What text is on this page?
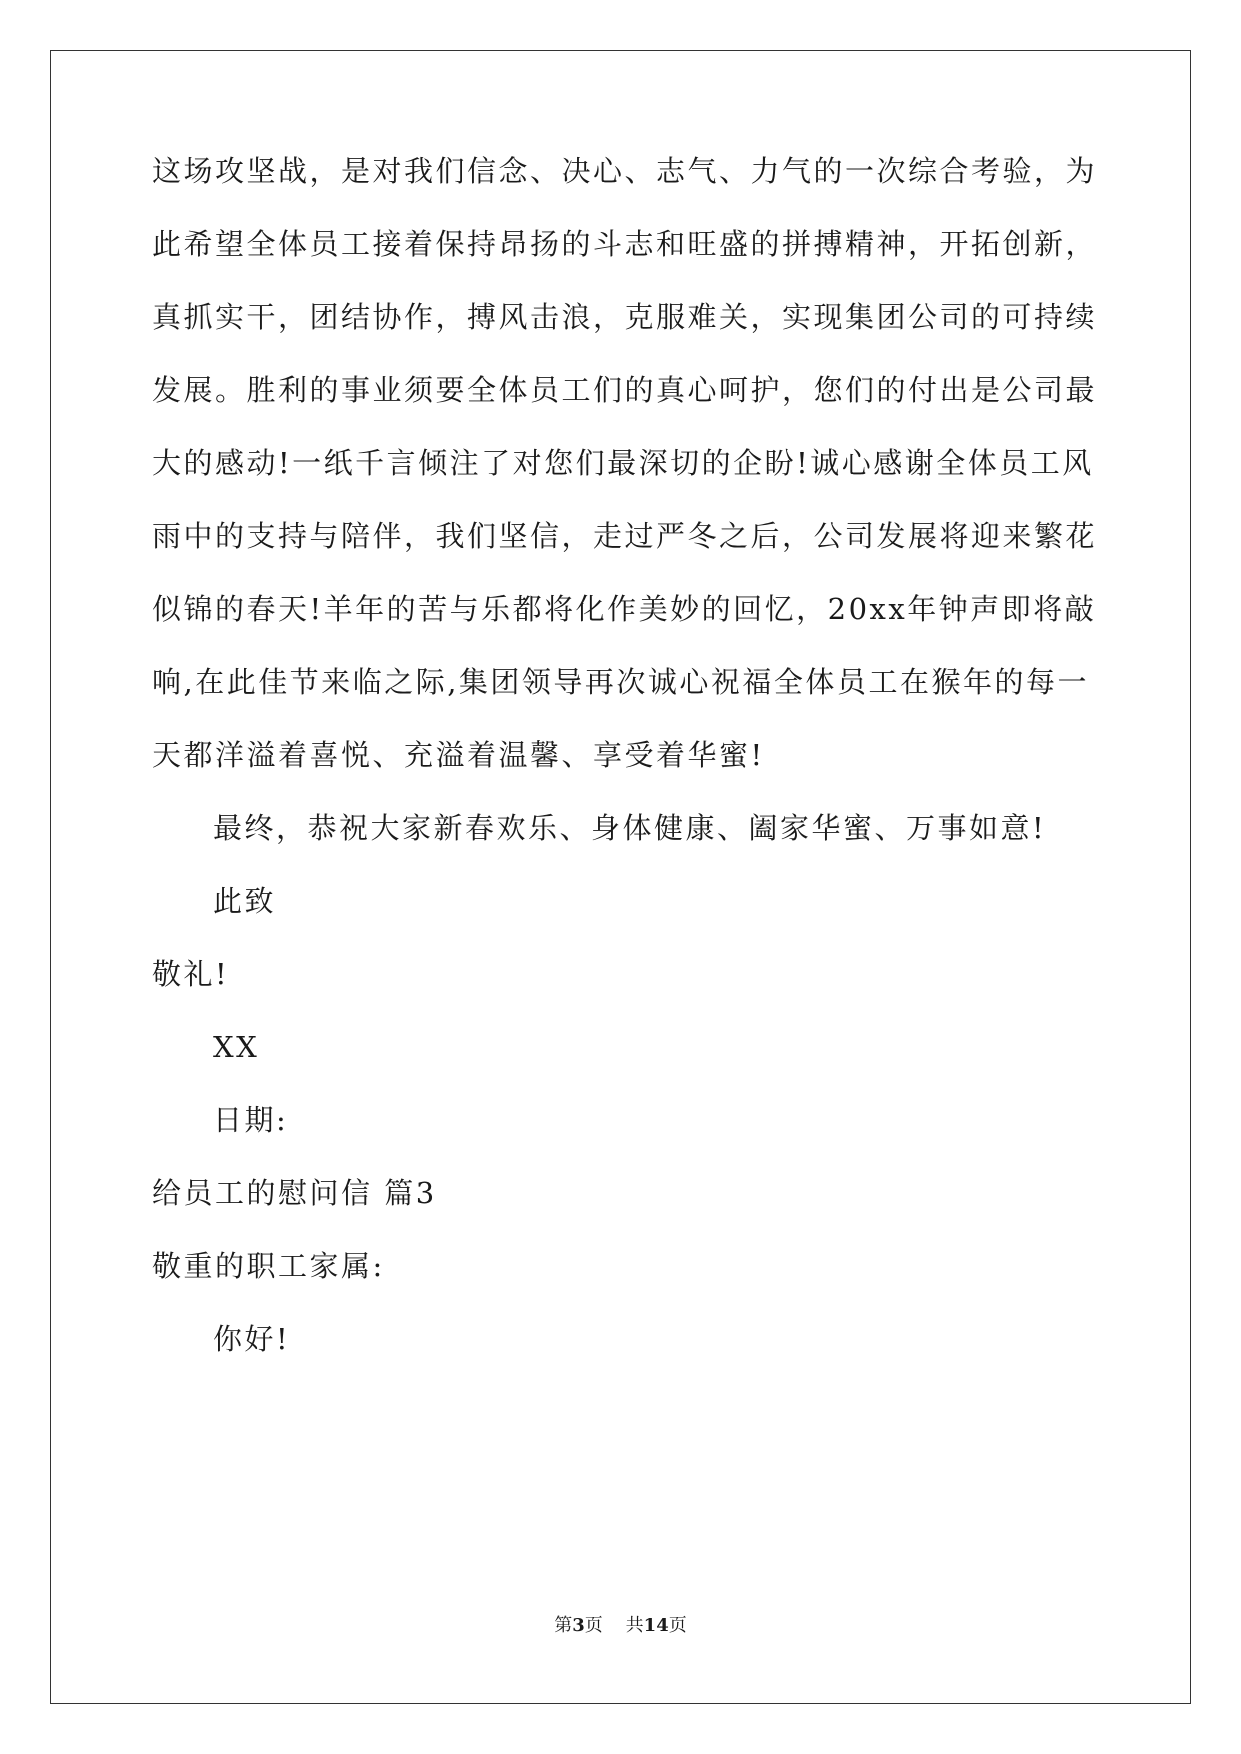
这场攻坚战，是对我们信念、决心、志气、力气的一次综合考验，为
此希望全体员工接着保持昂扬的斗志和旺盛的拼搏精神，开拓创新，
真抓实干，团结协作，搏风击浪，克服难关，实现集团公司的可持续
发展。胜利的事业须要全体员工们的真心呵护，您们的付出是公司最
大的感动!一纸千言倾注了对您们最深切的企盼!诚心感谢全体员工风
雨中的支持与陪伴，我们坚信，走过严冬之后，公司发展将迎来繁花
似锦的春天!羊年的苦与乐都将化作美妙的回忆，20xx年钟声即将敲
响,在此佳节来临之际,集团领导再次诚心祝福全体员工在猴年的每一
天都洋溢着喜悦、充溢着温馨、享受着华蜜!
最终，恭祝大家新春欢乐、身体健康、阖家华蜜、万事如意!
此致
敬礼!
XX
日期:
给员工的慰问信 篇3
敬重的职工家属:
你好!
第3页 共14页
